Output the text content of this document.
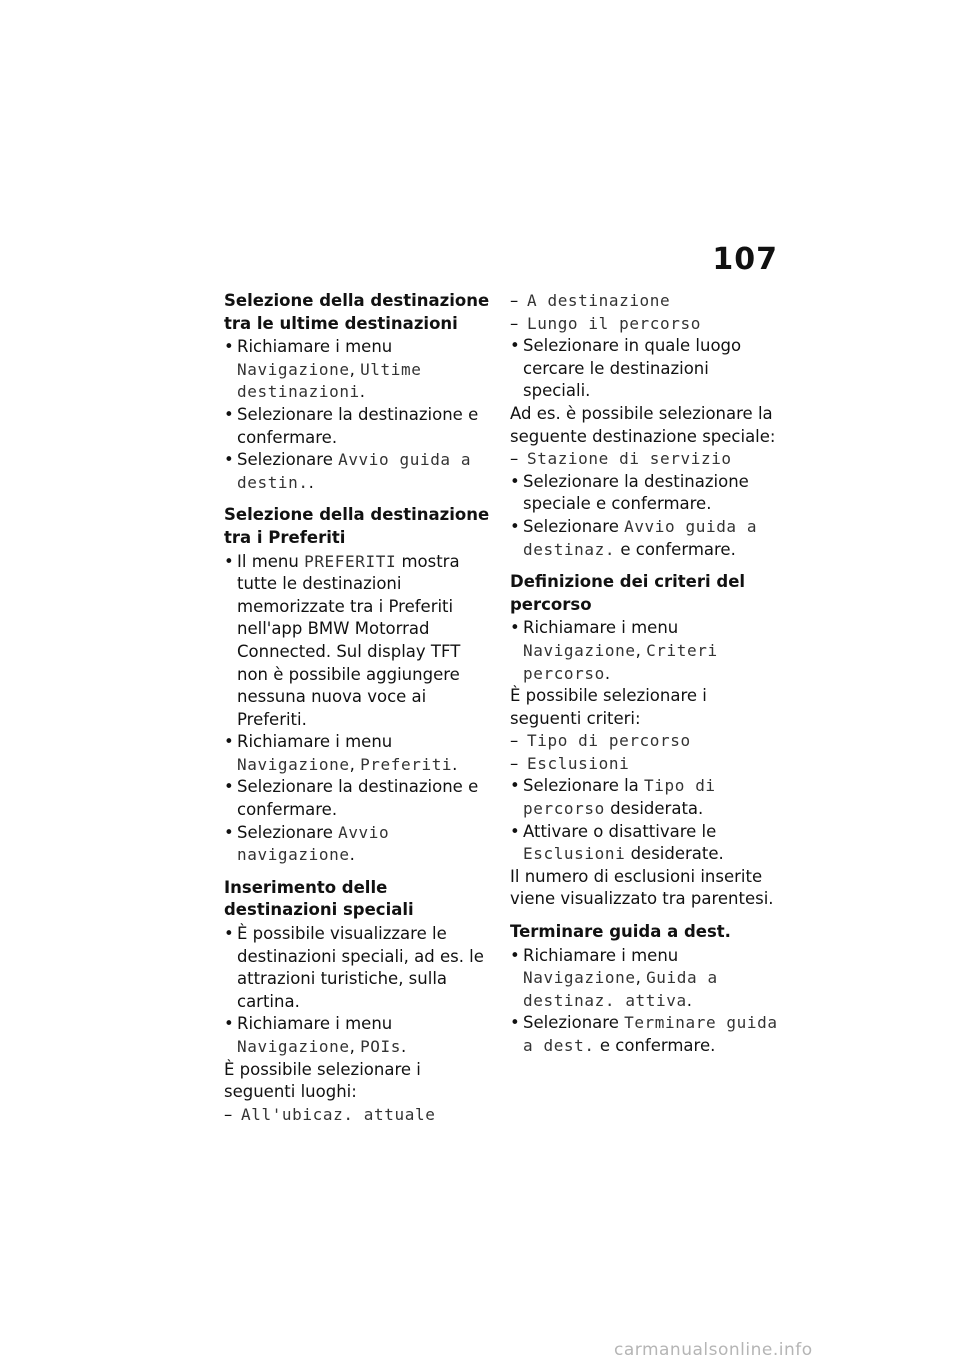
107
Selezione della destinazione tra le ultime destinazioni
• Richiamare i menu Navigazione, Ultime destinazioni.
• Selezionare la destinazione e confermare.
• Selezionare Avvio guida a destin..
Selezione della destinazione tra i Preferiti
• Il menu PREFERITI mostra tutte le destinazioni memorizzate tra i Preferiti nell'app BMW Motorrad Connected. Sul display TFT non è possibile aggiungere nessuna nuova voce ai Preferiti.
• Richiamare i menu Navigazione, Preferiti.
• Selezionare la destinazione e confermare.
• Selezionare Avvio navigazione.
Inserimento delle destinazioni speciali
• È possibile visualizzare le destinazioni speciali, ad es. le attrazioni turistiche, sulla cartina.
• Richiamare i menu Navigazione, POIs.
È possibile selezionare i seguenti luoghi:
– All'ubicaz. attuale
– A destinazione
– Lungo il percorso
• Selezionare in quale luogo cercare le destinazioni speciali.
Ad es. è possibile selezionare la seguente destinazione speciale:
– Stazione di servizio
• Selezionare la destinazione speciale e confermare.
• Selezionare Avvio guida a destinaz. e confermare.
Definizione dei criteri del percorso
• Richiamare i menu Navigazione, Criteri percorso.
È possibile selezionare i seguenti criteri:
– Tipo di percorso
– Esclusioni
• Selezionare la Tipo di percorso desiderata.
• Attivare o disattivare le Esclusioni desiderate.
Il numero di esclusioni inserite viene visualizzato tra parentesi.
Terminare guida a dest.
• Richiamare i menu Navigazione, Guida a destinaz. attiva.
• Selezionare Terminare guida a dest. e confermare.
carmanualsonline.info
